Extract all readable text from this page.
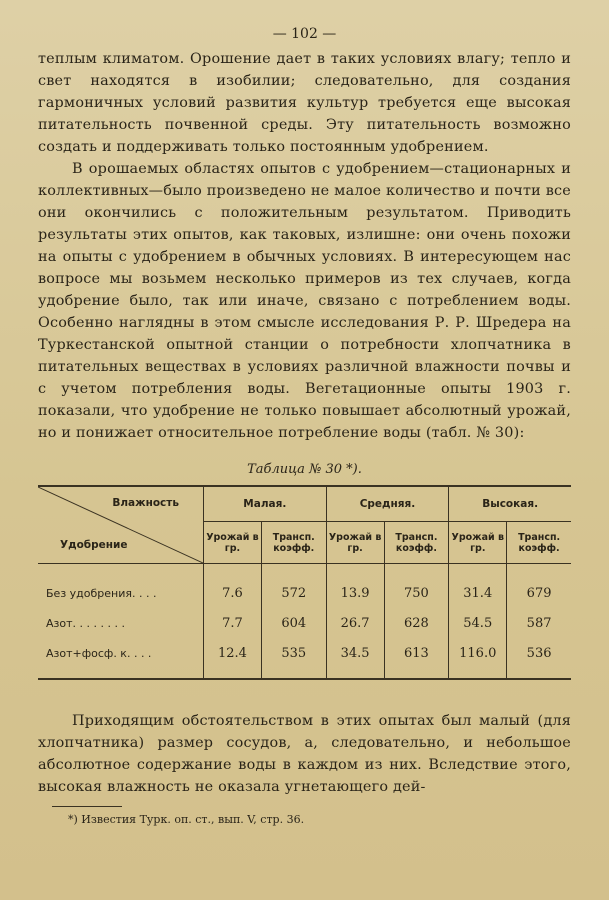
— 102 —

теплым климатом. Орошение дает в таких условиях влагу; тепло и свет находятся в изобилии; следовательно, для создания гармоничных условий развития культур требуется еще высокая питательность почвенной среды. Эту питательность возможно создать и поддерживать только постоянным удобрением.

В орошаемых областях опытов с удобрением—стационарных и коллективных—было произведено не малое количество и почти все они окончились с положительным результатом. Приводить результаты этих опытов, как таковых, излишне: они очень похожи на опыты с удобрением в обычных условиях. В интересующем нас вопросе мы возьмем несколько примеров из тех случаев, когда удобрение было, так или иначе, связано с потреблением воды. Особенно наглядны в этом смысле исследования Р. Р. Шредера на Туркестанской опытной станции о потребности хлопчатника в питательных веществах в условиях различной влажности почвы и с учетом потребления воды. Вегетационные опыты 1903 г. показали, что удобрение не только повышает абсолютный урожай, но и понижает относительное потребление воды (табл. № 30):

Таблица № 30 *).
Влажность
Удобрение	Малая.		Средняя.		Высокая.	
	Урожай в гр.	Трансп. коэфф.	Урожай в гр.	Трансп. коэфф.	Урожай в гр.	Трансп. коэфф.
Без удобрения. . . .	7.6	572	13.9	750	31.4	679
Азот. . . . . . . .	7.7	604	26.7	628	54.5	587
Азот+фосф. к. . . .	12.4	535	34.5	613	116.0	536

Приходящим обстоятельством в этих опытах был малый (для хлопчатника) размер сосудов, а, следовательно, и небольшое абсолютное содержание воды в каждом из них. Вследствие этого, высокая влажность не оказала угнетающего дей-

*) Известия Турк. оп. ст., вып. V, стр. 36.
